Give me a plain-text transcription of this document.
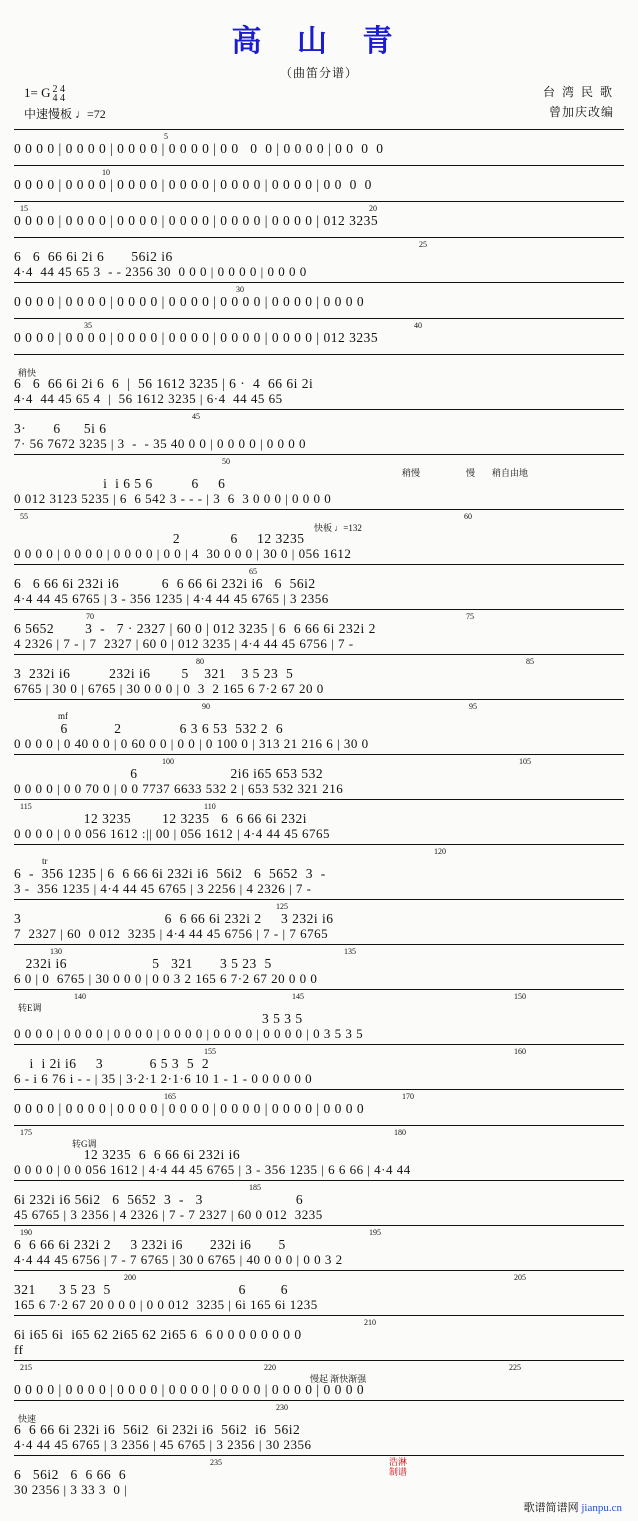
高 山 青
（曲笛分谱）
1= G 2 4
4 4
中速慢板 ♩=72
台 湾 民 歌
曾加庆改编
5
0 0 0 0 | 0 0 0 0 | 0 0 0 0 | 0 0 0 0 | 0 0   0  0 | 0 0 0 0 | 0 0  0  0
10
0 0 0 0 | 0 0 0 0 | 0 0 0 0 | 0 0 0 0 | 0 0 0 0 | 0 0 0 0 | 0 0  0  0
15	20
0 0 0 0 | 0 0 0 0 | 0 0 0 0 | 0 0 0 0 | 0 0 0 0 | 0 0 0 0 | 012 3235
25
6   6  66 6i 2i 6       56i2 i6
4·4  44 45 65 3  - - 2356 30  0 0 0 | 0 0 0 0 | 0 0 0 0
30
0 0 0 0 | 0 0 0 0 | 0 0 0 0 | 0 0 0 0 | 0 0 0 0 | 0 0 0 0 | 0 0 0 0
35	40
0 0 0 0 | 0 0 0 0 | 0 0 0 0 | 0 0 0 0 | 0 0 0 0 | 0 0 0 0 | 012 3235
稍快
6   6  66 6i 2i 6  6  |  56 1612 3235 | 6 ·  4  66 6i 2i
4·4  44 45 65 4  |  56 1612 3235 | 6·4  44 45 65
45
3·       6      5i 6
7· 56 7672 3235 | 3  -  - 35 40 0 0 | 0 0 0 0 | 0 0 0 0
50
稍慢	慢 稍自由地
i  i 6 5 6          6     6
0 012 3123 5235 | 6  6 542 3 - - - | 3  6  3 0 0 0 | 0 0 0 0
55	60
快板 ♩=132
2             6     12 3235
0 0 0 0 | 0 0 0 0 | 0 0 0 0 | 0 0 | 4  30 0 0 0 | 30 0 | 056 1612
65
6   6 66 6i 232i i6           6  6 66 6i 232i i6   6  56i2
4·4 44 45 6765 | 3 - 356 1235 | 4·4 44 45 6765 | 3 2356
70	75
6 5652        3  -   7 · 2327 | 60 0 | 012 3235 | 6  6 66 6i 232i 2
4 2326 | 7 - | 7  2327 | 60 0 | 012 3235 | 4·4 44 45 6756 | 7 -
80	85
3  232i i6          232i i6        5    321    3 5 23  5
6765 | 30 0 | 6765 | 30 0 0 0 | 0  3  2 165 6 7·2 67 20 0
90	95
mf
6            2               6 3 6 53  532 2  6
0 0 0 0 | 0 40 0 0 | 0 60 0 0 | 0 0 | 0 100 0 | 313 21 216 6 | 30 0
100	105
6                        2i6 i65 653 532
0 0 0 0 | 0 0 70 0 | 0 0 7737 6633 532 2 | 653 532 321 216
110
115
12 3235        12 3235   6  6 66 6i 232i
0 0 0 0 | 0 0 056 1612 :|| 00 | 056 1612 | 4·4 44 45 6765
120
tr
6  -  356 1235 | 6  6 66 6i 232i i6  56i2   6  5652  3  -
3 -  356 1235 | 4·4 44 45 6765 | 3 2256 | 4 2326 | 7 -
125
3                                     6  6 66 6i 232i 2     3 232i i6
7  2327 | 60  0 012  3235 | 4·4 44 45 6756 | 7 - | 7 6765
130	135
232i i6                      5   321       3 5 23  5
6 0 | 0  6765 | 30 0 0 0 | 0 0 3 2 165 6 7·2 67 20 0 0 0
140	145	150
转E调
3 5 3 5
0 0 0 0 | 0 0 0 0 | 0 0 0 0 | 0 0 0 0 | 0 0 0 0 | 0 0 0 0 | 0 3 5 3 5
155	160
i  i 2i i6     3            6 5 3  5  2
6 - i 6 76 i - - | 35 | 3·2·1 2·1·6 10 1 - 1 - 0 0 0 0 0 0
165	170
0 0 0 0 | 0 0 0 0 | 0 0 0 0 | 0 0 0 0 | 0 0 0 0 | 0 0 0 0 | 0 0 0 0
175	180
转G调
12 3235  6  6 66 6i 232i i6
0 0 0 0 | 0 0 056 1612 | 4·4 44 45 6765 | 3 - 356 1235 | 6 6 66 | 4·4 44
185
6i 232i i6 56i2   6  5652  3  -   3                        6
45 6765 | 3 2356 | 4 2326 | 7 - 7 2327 | 60 0 012  3235
190	195
6  6 66 6i 232i 2     3 232i i6       232i i6       5
4·4 44 45 6756 | 7 - 7 6765 | 30 0 6765 | 40 0 0 0 | 0 0 3 2
200	205
321      3 5 23  5                                 6         6
165 6 7·2 67 20 0 0 0 | 0 0 012  3235 | 6i 165 6i 1235
210
6i i65 6i  i65 62 2i65 62 2i65 6  6 0 0 0 0 0 0 0 0
ff
215	220	225
慢起 渐快渐强
0 0 0 0 | 0 0 0 0 | 0 0 0 0 | 0 0 0 0 | 0 0 0 0 | 0 0 0 0 | 0 0 0 0
230
快速
6  6 66 6i 232i i6  56i2  6i 232i i6  56i2  i6  56i2
4·4 44 45 6765 | 3 2356 | 45 6765 | 3 2356 | 30 2356
235
6   56i2   6  6 66  6
30 2356 | 3 33 3  0 |
浩淋
制谱
歌谱简谱网 jianpu.cn
